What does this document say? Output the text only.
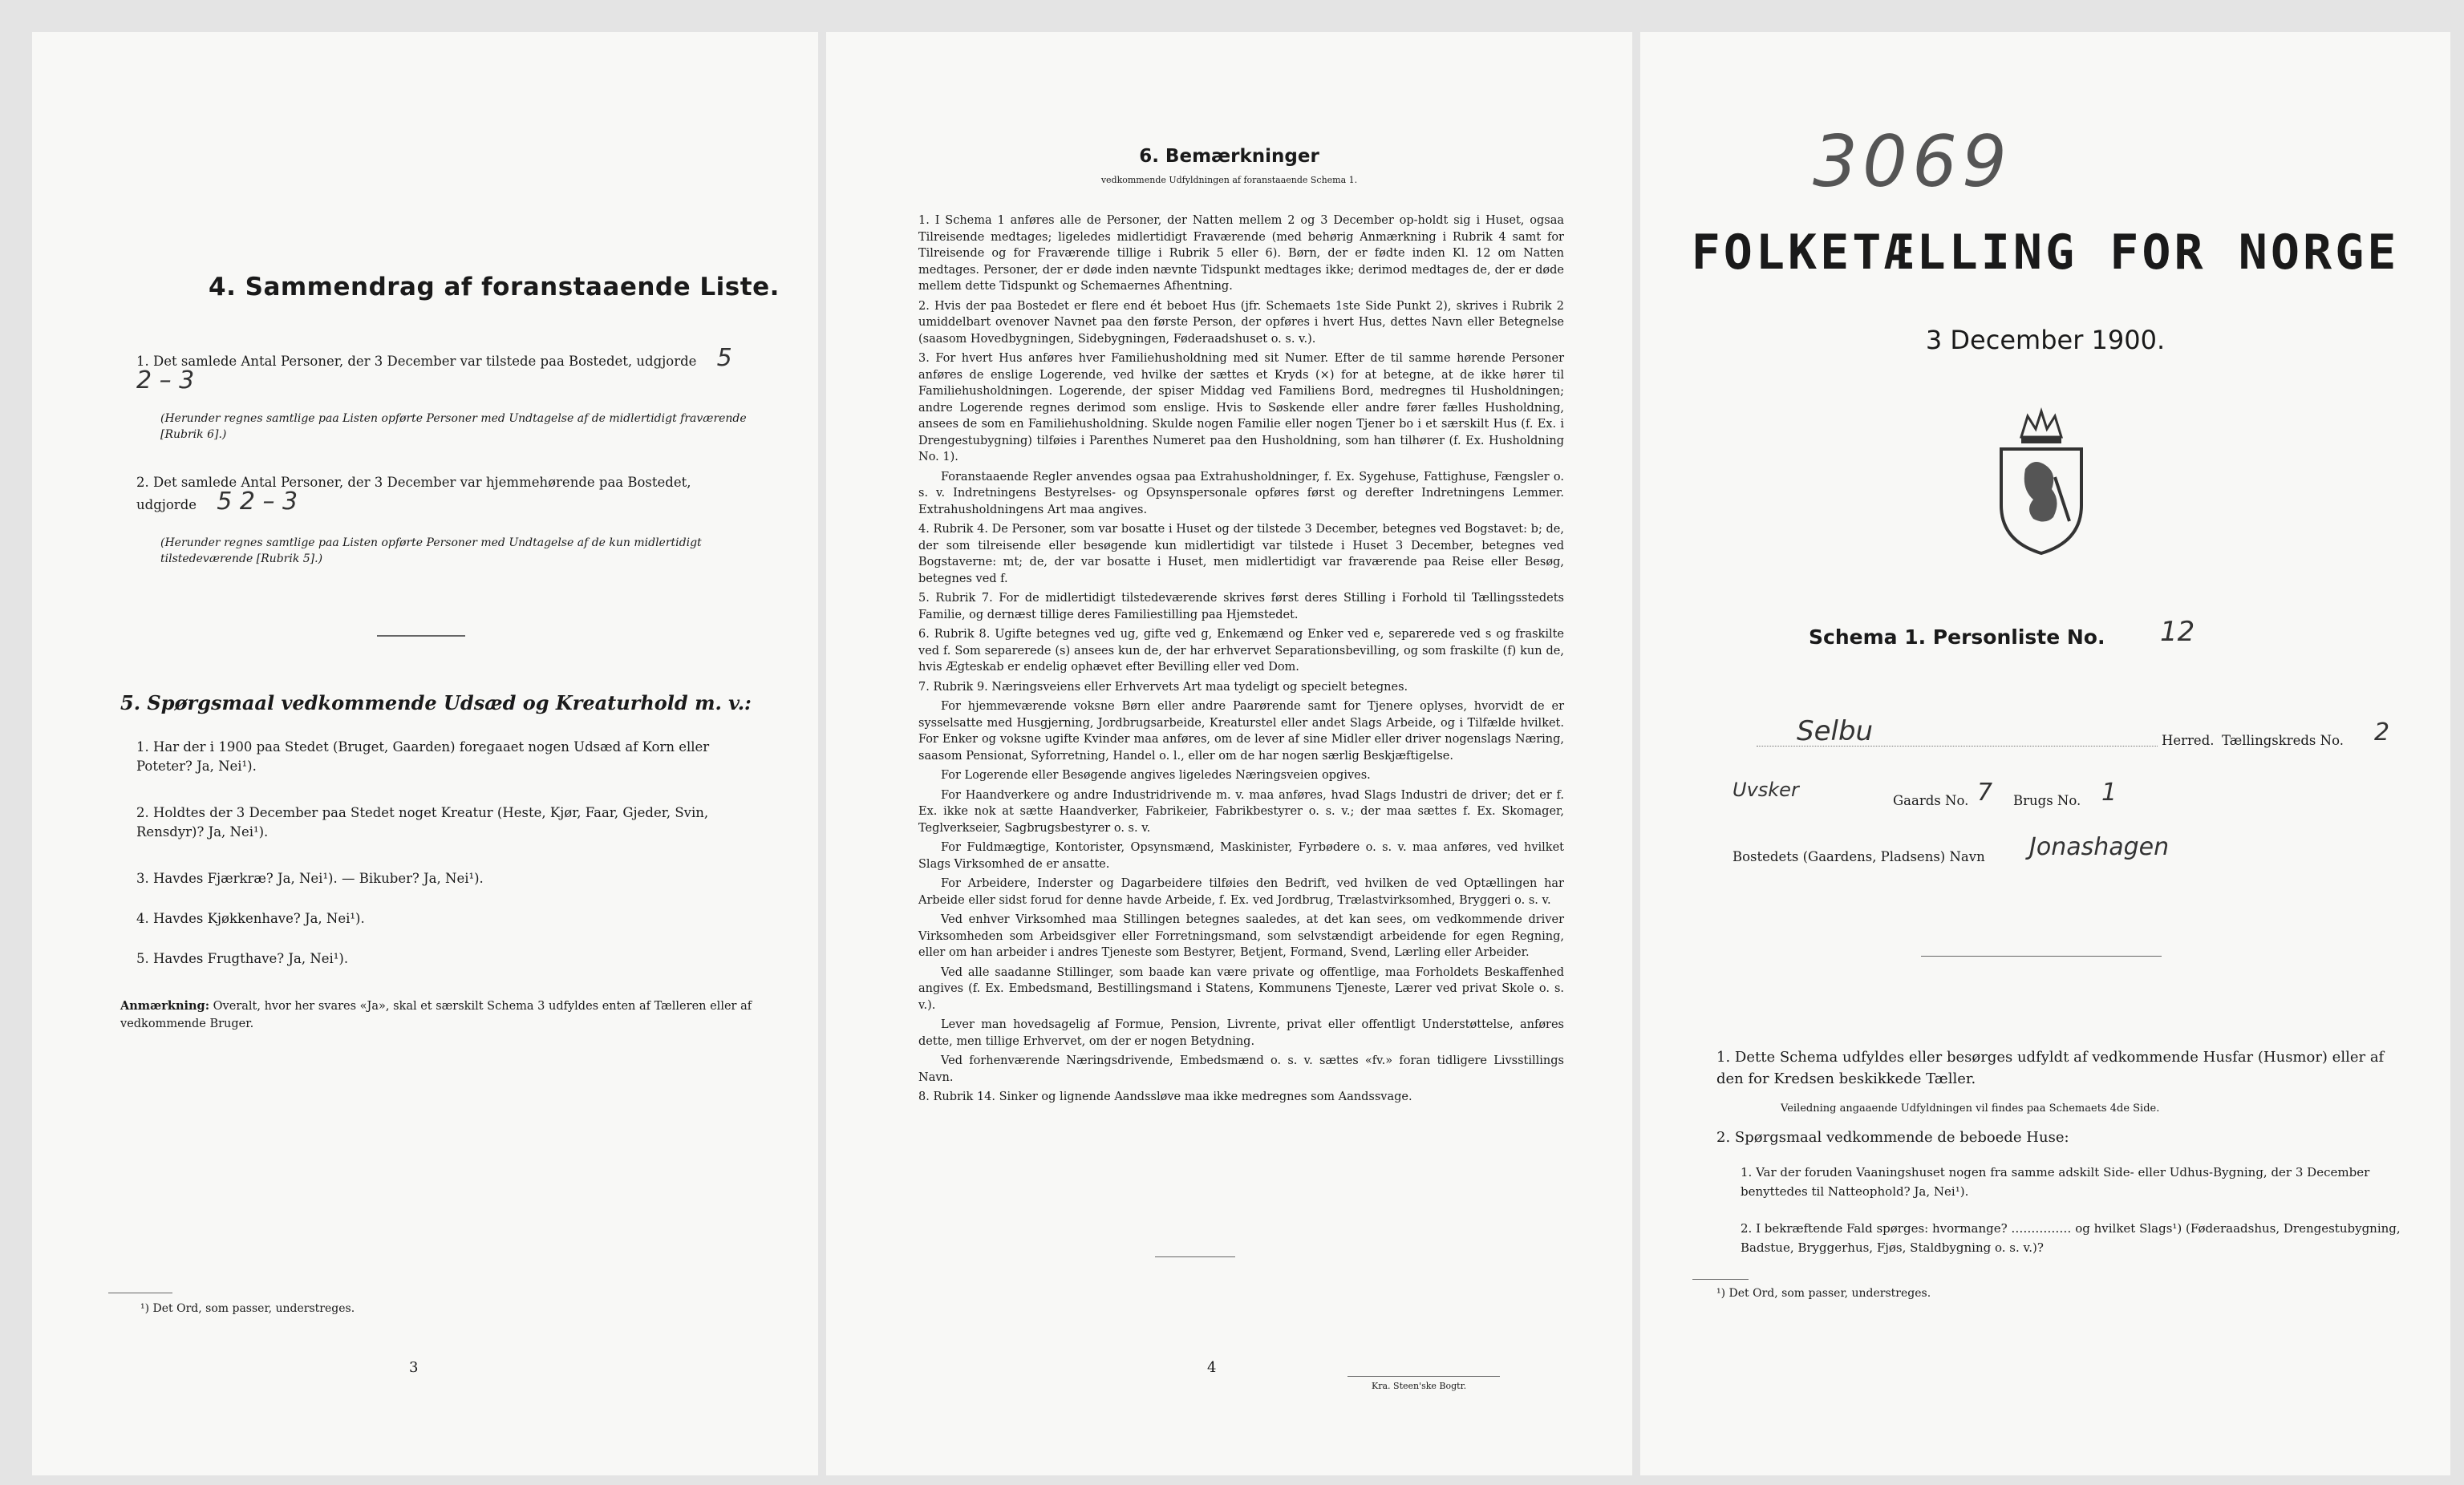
4. Sammendrag af foranstaaende Liste.
1. Det samlede Antal Personer, der 3 December var tilstede paa Bostedet, udgjorde 5 2 – 3
(Herunder regnes samtlige paa Listen opførte Personer med Undtagelse af de midlertidigt fraværende [Rubrik 6].)
2. Det samlede Antal Personer, der 3 December var hjemmehørende paa Bostedet, udgjorde 5 2 – 3
(Herunder regnes samtlige paa Listen opførte Personer med Undtagelse af de kun midlertidigt tilstedeværende [Rubrik 5].)
5. Spørgsmaal vedkommende Udsæd og Kreaturhold m. v.:
1. Har der i 1900 paa Stedet (Bruget, Gaarden) foregaaet nogen Udsæd af Korn eller Poteter? Ja, Nei¹).
2. Holdtes der 3 December paa Stedet noget Kreatur (Heste, Kjør, Faar, Gjeder, Svin, Rensdyr)? Ja, Nei¹).
3. Havdes Fjærkræ? Ja, Nei¹). — Bikuber? Ja, Nei¹).
4. Havdes Kjøkkenhave? Ja, Nei¹).
5. Havdes Frugthave? Ja, Nei¹).
Anmærkning: Overalt, hvor her svares «Ja», skal et særskilt Schema 3 udfyldes enten af Tælleren eller af vedkommende Bruger.
¹) Det Ord, som passer, understreges.
3
6. Bemærkninger
vedkommende Udfyldningen af foranstaaende Schema 1.

1. I Schema 1 anføres alle de Personer, der Natten mellem 2 og 3 December op-holdt sig i Huset, ogsaa Tilreisende medtages; ligeledes midlertidigt Fraværende (med behørig Anmærkning i Rubrik 4 samt for Tilreisende og for Fraværende tillige i Rubrik 5 eller 6). Børn, der er fødte inden Kl. 12 om Natten medtages. Personer, der er døde inden nævnte Tidspunkt medtages ikke; derimod medtages de, der er døde mellem dette Tidspunkt og Schemaernes Afhentning.

2. Hvis der paa Bostedet er flere end ét beboet Hus (jfr. Schemaets 1ste Side Punkt 2), skrives i Rubrik 2 umiddelbart ovenover Navnet paa den første Person, der opføres i hvert Hus, dettes Navn eller Betegnelse (saasom Hovedbygningen, Sidebygningen, Føderaadshuset o. s. v.).

3. For hvert Hus anføres hver Familiehusholdning med sit Numer. Efter de til samme hørende Personer anføres de enslige Logerende, ved hvilke der sættes et Kryds (×) for at betegne, at de ikke hører til Familiehusholdningen. Logerende, der spiser Middag ved Familiens Bord, medregnes til Husholdningen; andre Logerende regnes derimod som enslige. Hvis to Søskende eller andre fører fælles Husholdning, ansees de som en Familiehusholdning. Skulde nogen Familie eller nogen Tjener bo i et særskilt Hus (f. Ex. i Drengestubygning) tilføies i Parenthes Numeret paa den Husholdning, som han tilhører (f. Ex. Husholdning No. 1).

Foranstaaende Regler anvendes ogsaa paa Extrahusholdninger, f. Ex. Sygehuse, Fattighuse, Fængsler o. s. v. Indretningens Bestyrelses- og Opsynspersonale opføres først og derefter Indretningens Lemmer. Extrahusholdningens Art maa angives.

4. Rubrik 4. De Personer, som var bosatte i Huset og der tilstede 3 December, betegnes ved Bogstavet: b; de, der som tilreisende eller besøgende kun midlertidigt var tilstede i Huset 3 December, betegnes ved Bogstaverne: mt; de, der var bosatte i Huset, men midlertidigt var fraværende paa Reise eller Besøg, betegnes ved f.

5. Rubrik 7. For de midlertidigt tilstedeværende skrives først deres Stilling i Forhold til Tællingsstedets Familie, og dernæst tillige deres Familiestilling paa Hjemstedet.

6. Rubrik 8. Ugifte betegnes ved ug, gifte ved g, Enkemænd og Enker ved e, separerede ved s og fraskilte ved f. Som separerede (s) ansees kun de, der har erhvervet Separationsbevilling, og som fraskilte (f) kun de, hvis Ægteskab er endelig ophævet efter Bevilling eller ved Dom.

7. Rubrik 9. Næringsveiens eller Erhvervets Art maa tydeligt og specielt betegnes.

For hjemmeværende voksne Børn eller andre Paarørende samt for Tjenere oplyses, hvorvidt de er sysselsatte med Husgjerning, Jordbrugsarbeide, Kreaturstel eller andet Slags Arbeide, og i Tilfælde hvilket. For Enker og voksne ugifte Kvinder maa anføres, om de lever af sine Midler eller driver nogenslags Næring, saasom Pensionat, Syforretning, Handel o. l., eller om de har nogen særlig Beskjæftigelse.

For Logerende eller Besøgende angives ligeledes Næringsveien opgives.

For Haandverkere og andre Industridrivende m. v. maa anføres, hvad Slags Industri de driver; det er f. Ex. ikke nok at sætte Haandverker, Fabrikeier, Fabrikbestyrer o. s. v.; der maa sættes f. Ex. Skomager, Teglverkseier, Sagbrugsbestyrer o. s. v.

For Fuldmægtige, Kontorister, Opsynsmænd, Maskinister, Fyrbødere o. s. v. maa anføres, ved hvilket Slags Virksomhed de er ansatte.

For Arbeidere, Inderster og Dagarbeidere tilføies den Bedrift, ved hvilken de ved Optællingen har Arbeide eller sidst forud for denne havde Arbeide, f. Ex. ved Jordbrug, Trælastvirksomhed, Bryggeri o. s. v.

Ved enhver Virksomhed maa Stillingen betegnes saaledes, at det kan sees, om vedkommende driver Virksomheden som Arbeidsgiver eller Forretningsmand, som selvstændigt arbeidende for egen Regning, eller om han arbeider i andres Tjeneste som Bestyrer, Betjent, Formand, Svend, Lærling eller Arbeider.

Ved alle saadanne Stillinger, som baade kan være private og offentlige, maa Forholdets Beskaffenhed angives (f. Ex. Embedsmand, Bestillingsmand i Statens, Kommunens Tjeneste, Lærer ved privat Skole o. s. v.).

Lever man hovedsagelig af Formue, Pension, Livrente, privat eller offentligt Understøttelse, anføres dette, men tillige Erhvervet, om der er nogen Betydning.

Ved forhenværende Næringsdrivende, Embedsmænd o. s. v. sættes «fv.» foran tidligere Livsstillings Navn.

8. Rubrik 14. Sinker og lignende Aandssløve maa ikke medregnes som Aandssvage.

4
Kra. Steen'ske Bogtr.
3069
FOLKETÆLLING FOR NORGE
3 December 1900.
Schema 1. Personliste No. 12
Selbu	Herred. Tællingskreds No. 2
Uvsker	Gaards No. 7 Brugs No. 1
Bostedets (Gaardens, Pladsens) Navn Jonashagen
1. Dette Schema udfyldes eller besørges udfyldt af vedkommende Husfar (Husmor) eller af den for Kredsen beskikkede Tæller.
Veiledning angaaende Udfyldningen vil findes paa Schemaets 4de Side.
2. Spørgsmaal vedkommende de beboede Huse:
1. Var der foruden Vaaningshuset nogen fra samme adskilt Side- eller Udhus-Bygning, der 3 December benyttedes til Natteophold? Ja, Nei¹).
2. I bekræftende Fald spørges: hvormange? …………… og hvilket Slags¹) (Føderaadshus, Drengestubygning, Badstue, Bryggerhus, Fjøs, Staldbygning o. s. v.)?
¹) Det Ord, som passer, understreges.
